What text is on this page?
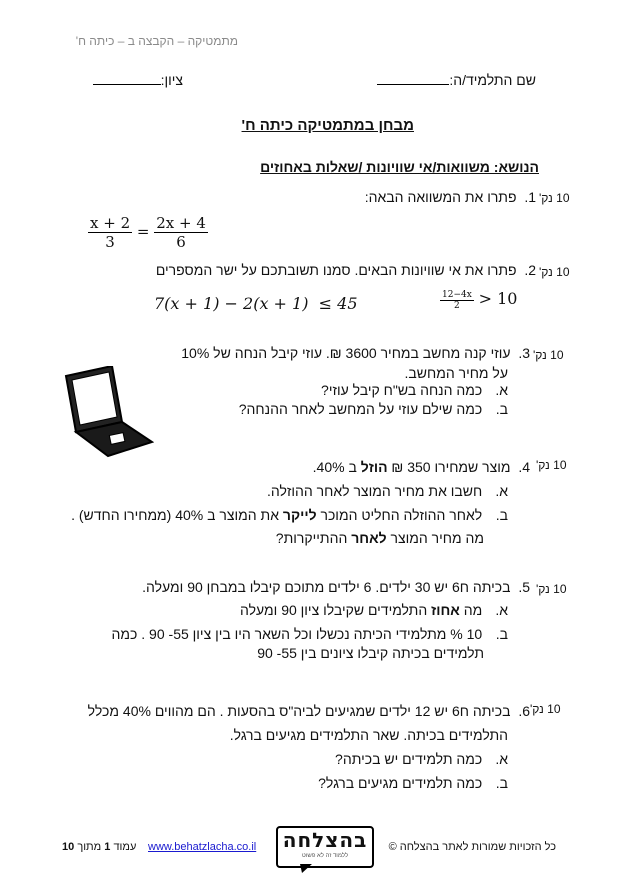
מתמטיקה – הקבצה ב – כיתה ח'
שם התלמיד/ה:
ציון:
מבחן במתמטיקה כיתה ח'
הנושא: משוואות/אי שוויונות /שאלות באחוזים
10 נק'
1.  פתרו את המשוואה הבאה:
$\frac{x + 2}{3} = \frac{2x + 4}{6}$
10 נק'
2.  פתרו את אי שוויונות הבאים. סמנו תשובתכם על ישר המספרים
$\frac{12-4x}{2} > 10$
7(x + 1) − 2(x + 1)  ≤ 45
10 נק'
3.  עוזי קנה מחשב במחיר 3600 ₪. עוזי קיבל הנחה של 10%
על מחיר המחשב.
א.  כמה הנחה בש"ח קיבל עוזי?
ב.  כמה שילם עוזי על המחשב לאחר ההנחה?
10 נק'
4.  מוצר שמחירו 350 ₪ הוזל ב 40%.
א.  חשבו את מחיר המוצר לאחר ההוזלה.
ב.  לאחר ההוזלה החליט המוכר לייקר את המוצר ב 40% (ממחירו החדש) .
מה מחיר המוצר לאחר ההתייקרות?
10 נק'
5.  בכיתה ח6 יש 30 ילדים. 6 ילדים מתוכם קיבלו במבחן 90 ומעלה.
א.  מה אחוז התלמידים שקיבלו ציון 90 ומעלה
ב.  10 % מתלמידי הכיתה נכשלו וכל השאר היו בין ציון 55- 90 . כמה
תלמידים בכיתה קיבלו ציונים בין 55- 90
10 נק'
6.  בכיתה ח6 יש 12 ילדים שמגיעים לביה"ס בהסעות . הם מהווים 40% מכלל
התלמידים בכיתה. שאר התלמידים מגיעים ברגל.
א.  כמה תלמידים יש בכיתה?
ב.  כמה תלמידים מגיעים ברגל?
כל הזכויות שמורות לאתר בהצלחה ©
בהצלחה
ללמוד זה לא פשוט
www.behatzlacha.co.il
עמוד 1 מתוך 10
